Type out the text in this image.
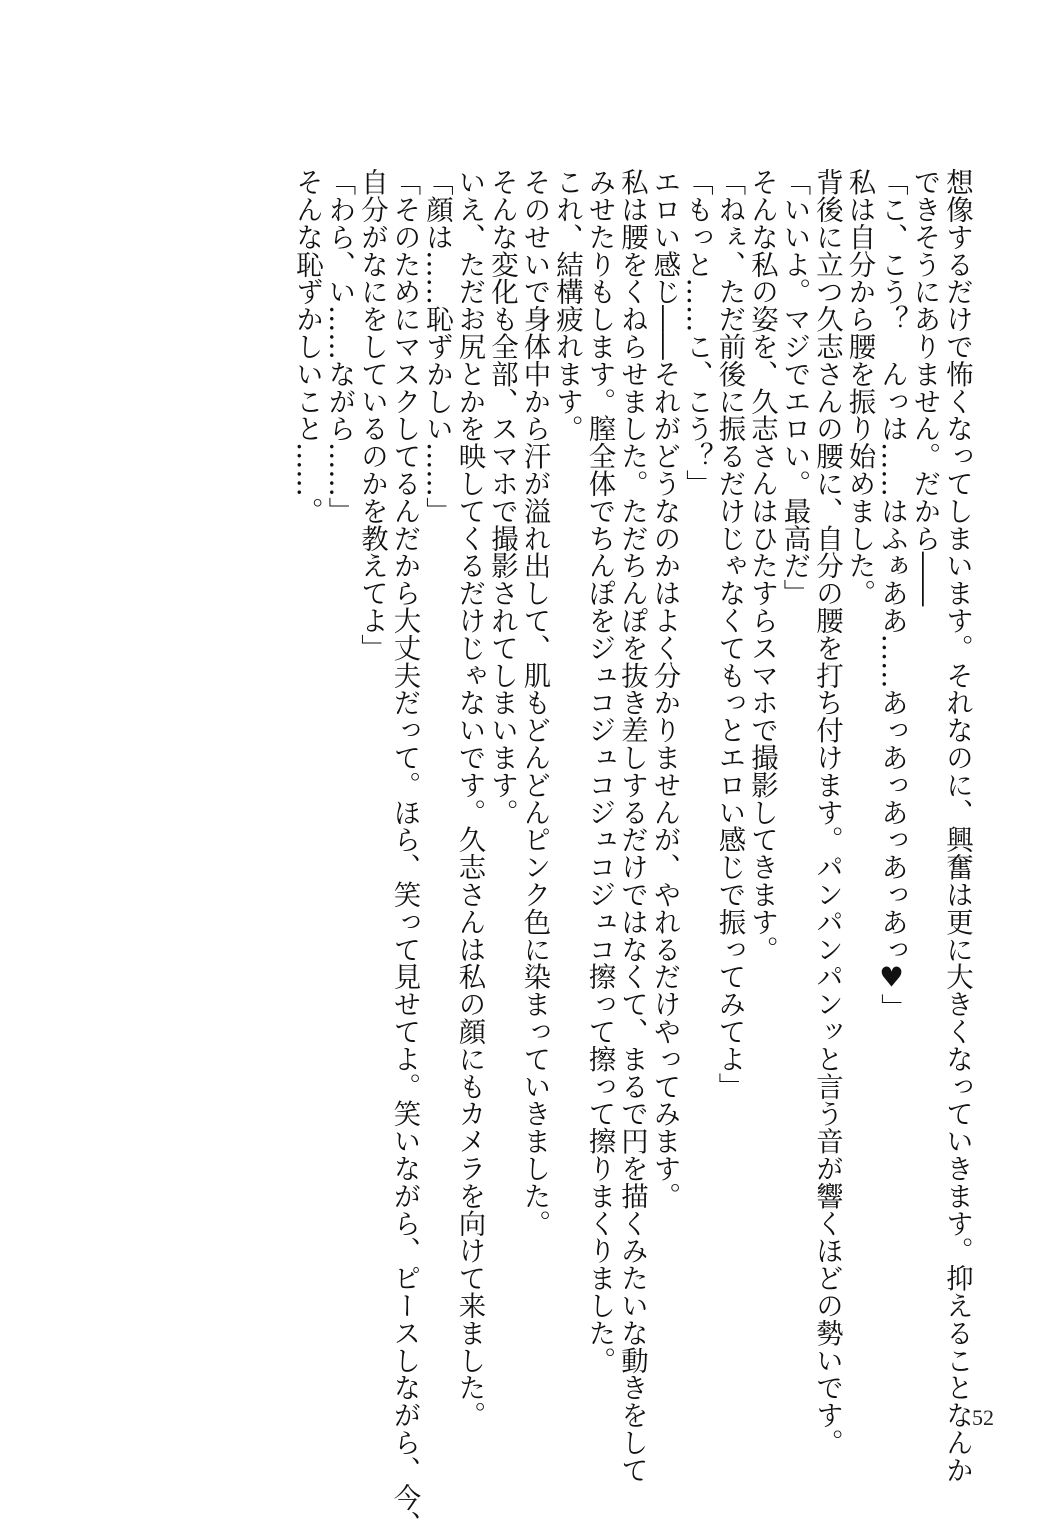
想像するだけで怖くなってしまいます。それなのに、興奮は更に大きくなっていきます。抑えることなんか
できそうにありません。だから――
「こ、こう？　んっは……はふぁああ……あっあっあっあっあっ♥」
私は自分から腰を振り始めました。
背後に立つ久志さんの腰に、自分の腰を打ち付けます。パンパンパンッと言う音が響くほどの勢いです。
「いいよ。マジでエロい。最高だ」
そんな私の姿を、久志さんはひたすらスマホで撮影してきます。
「ねぇ、ただ前後に振るだけじゃなくてもっとエロい感じで振ってみてよ」
「もっと……こ、こう？」
エロい感じ――それがどうなのかはよく分かりませんが、やれるだけやってみます。
私は腰をくねらせました。ただちんぽを抜き差しするだけではなくて、まるで円を描くみたいな動きをして
みせたりもします。膣全体でちんぽをジュコジュコジュコジュコ擦って擦って擦りまくりました。
これ、結構疲れます。
そのせいで身体中から汗が溢れ出して、肌もどんどんピンク色に染まっていきました。
そんな変化も全部、スマホで撮影されてしまいます。
いえ、ただお尻とかを映してくるだけじゃないです。久志さんは私の顔にもカメラを向けて来ました。
「顔は……恥ずかしい……」
「そのためにマスクしてるんだから大丈夫だって。ほら、笑って見せてよ。笑いながら、ピースしながら、今、
自分がなにをしているのかを教えてよ」
「わら、い……ながら……」
そんな恥ずかしいこと……。
52
